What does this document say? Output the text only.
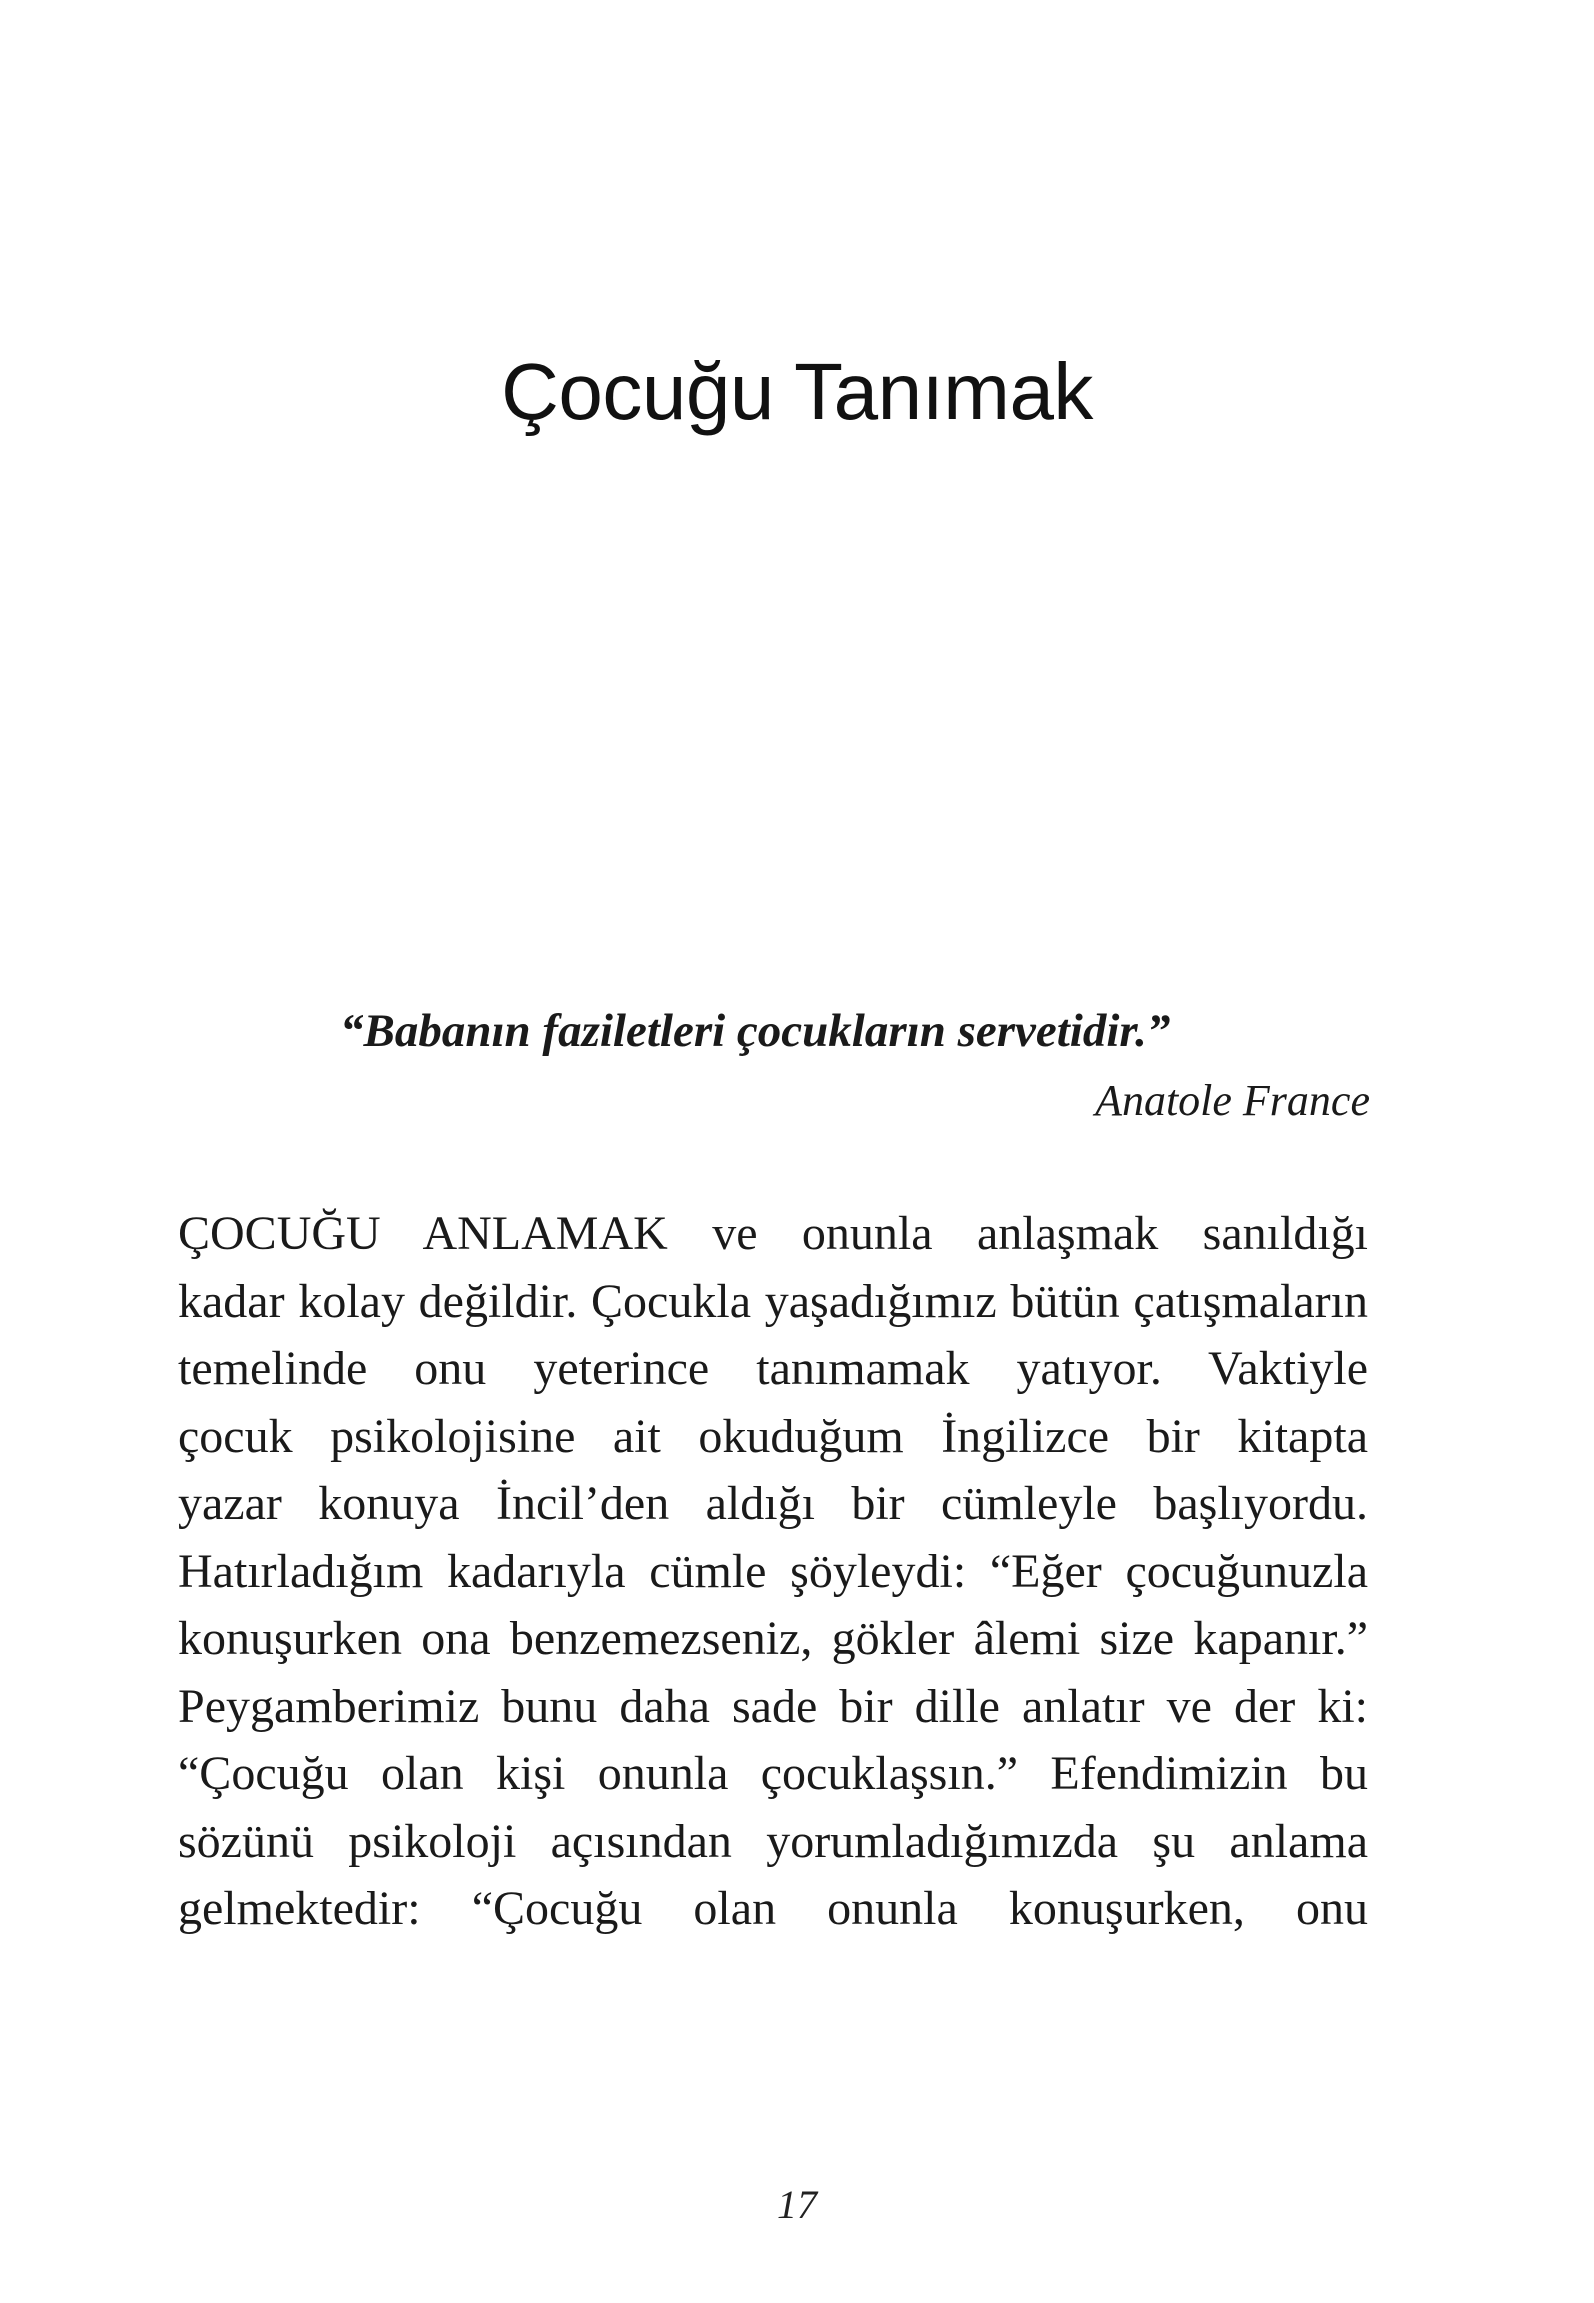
Çocuğu Tanımak
“Babanın faziletleri çocukların servetidir.”
Anatole France
ÇOCUĞU ANLAMAK ve onunla anlaşmak sanıldığı
kadar kolay değildir. Çocukla yaşadığımız bütün çatışmaların
temelinde onu yeterince tanımamak yatıyor. Vaktiyle
çocuk psikolojisine ait okuduğum İngilizce bir kitapta
yazar konuya İncil’den aldığı bir cümleyle başlıyordu.
Hatırladığım kadarıyla cümle şöyleydi: “Eğer çocuğunuzla
konuşurken ona benzemezseniz, gökler âlemi size kapanır.”
Peygamberimiz bunu daha sade bir dille anlatır ve der ki:
“Çocuğu olan kişi onunla çocuklaşsın.” Efendimizin bu
sözünü psikoloji açısından yorumladığımızda şu anlama
gelmektedir: “Çocuğu olan onunla konuşurken, onu
17
